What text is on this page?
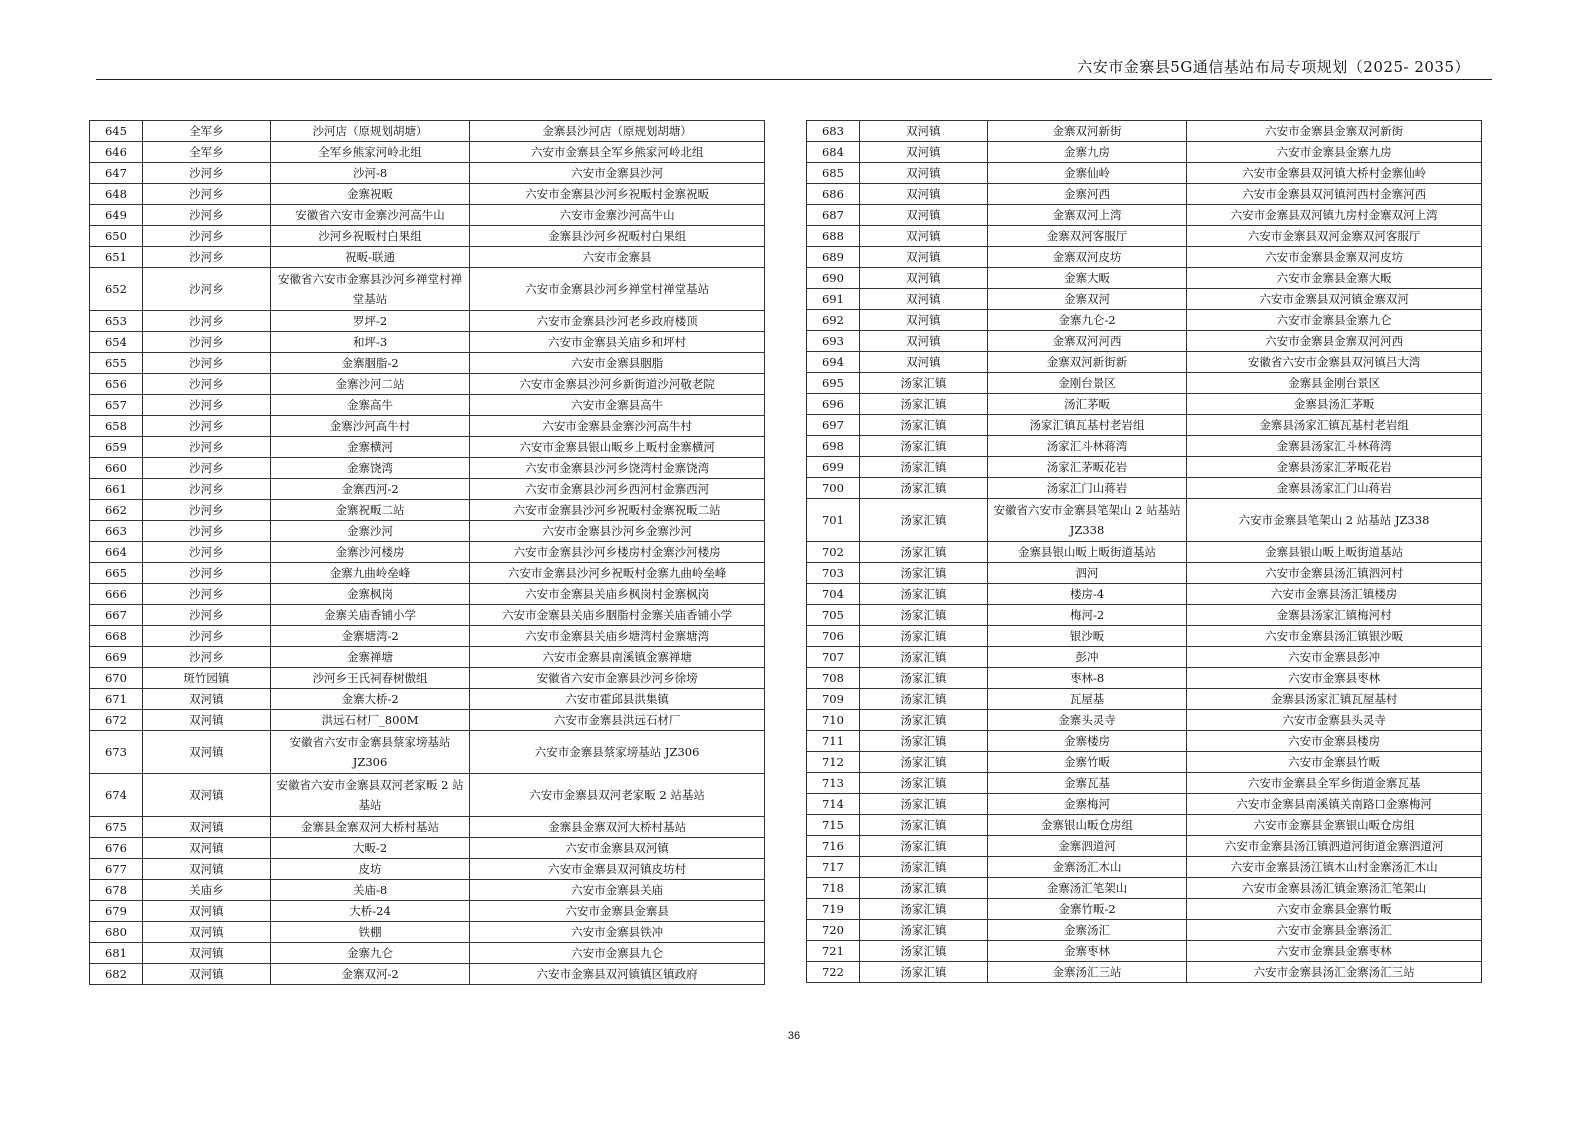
六安市金寨县5G通信基站布局专项规划（2025- 2035）
645	全军乡	沙河店（原规划胡塘）	金寨县沙河店（原规划胡塘）
646	全军乡	全军乡熊家河岭北组	六安市金寨县全军乡熊家河岭北组
647	沙河乡	沙河-8	六安市金寨县沙河
648	沙河乡	金寨祝畈	六安市金寨县沙河乡祝畈村金寨祝畈
649	沙河乡	安徽省六安市金寨沙河高牛山	六安市金寨沙河高牛山
650	沙河乡	沙河乡祝畈村白果组	金寨县沙河乡祝畈村白果组
651	沙河乡	祝畈-联通	六安市金寨县
652	沙河乡	安徽省六安市金寨县沙河乡禅堂村禅堂基站	六安市金寨县沙河乡禅堂村禅堂基站
653	沙河乡	罗坪-2	六安市金寨县沙河老乡政府楼顶
654	沙河乡	和坪-3	六安市金寨县关庙乡和坪村
655	沙河乡	金寨胭脂-2	六安市金寨县胭脂
656	沙河乡	金寨沙河二站	六安市金寨县沙河乡新街道沙河敬老院
657	沙河乡	金寨高牛	六安市金寨县高牛
658	沙河乡	金寨沙河高牛村	六安市金寨县金寨沙河高牛村
659	沙河乡	金寨横河	六安市金寨县银山畈乡上畈村金寨横河
660	沙河乡	金寨饶湾	六安市金寨县沙河乡饶湾村金寨饶湾
661	沙河乡	金寨西河-2	六安市金寨县沙河乡西河村金寨西河
662	沙河乡	金寨祝畈二站	六安市金寨县沙河乡祝畈村金寨祝畈二站
663	沙河乡	金寨沙河	六安市金寨县沙河乡金寨沙河
664	沙河乡	金寨沙河楼房	六安市金寨县沙河乡楼房村金寨沙河楼房
665	沙河乡	金寨九曲岭垒峰	六安市金寨县沙河乡祝畈村金寨九曲岭垒峰
666	沙河乡	金寨枫岗	六安市金寨县关庙乡枫岗村金寨枫岗
667	沙河乡	金寨关庙香铺小学	六安市金寨县关庙乡胭脂村金寨关庙香铺小学
668	沙河乡	金寨塘湾-2	六安市金寨县关庙乡塘湾村金寨塘湾
669	沙河乡	金寨禅塘	六安市金寨县南溪镇金寨禅塘
670	斑竹园镇	沙河乡王氏祠春树傲组	安徽省六安市金寨县沙河乡徐塝
671	双河镇	金寨大桥-2	六安市霍邱县洪集镇
672	双河镇	洪远石材厂_800M	六安市金寨县洪远石材厂
673	双河镇	安徽省六安市金寨县蔡家塝基站 JZ306	六安市金寨县蔡家塝基站 JZ306
674	双河镇	安徽省六安市金寨县双河老家畈 2 站基站	六安市金寨县双河老家畈 2 站基站
675	双河镇	金寨县金寨双河大桥村基站	金寨县金寨双河大桥村基站
676	双河镇	大畈-2	六安市金寨县双河镇
677	双河镇	皮坊	六安市金寨县双河镇皮坊村
678	关庙乡	关庙-8	六安市金寨县关庙
679	双河镇	大桥-24	六安市金寨县金寨县
680	双河镇	铁棚	六安市金寨县铁冲
681	双河镇	金寨九仑	六安市金寨县九仑
682	双河镇	金寨双河-2	六安市金寨县双河镇镇区镇政府
683	双河镇	金寨双河新街	六安市金寨县金寨双河新街
684	双河镇	金寨九房	六安市金寨县金寨九房
685	双河镇	金寨仙岭	六安市金寨县双河镇大桥村金寨仙岭
686	双河镇	金寨河西	六安市金寨县双河镇河西村金寨河西
687	双河镇	金寨双河上湾	六安市金寨县双河镇九房村金寨双河上湾
688	双河镇	金寨双河客服厅	六安市金寨县双河金寨双河客服厅
689	双河镇	金寨双河皮坊	六安市金寨县金寨双河皮坊
690	双河镇	金寨大畈	六安市金寨县金寨大畈
691	双河镇	金寨双河	六安市金寨县双河镇金寨双河
692	双河镇	金寨九仑-2	六安市金寨县金寨九仑
693	双河镇	金寨双河河西	六安市金寨县金寨双河河西
694	双河镇	金寨双河新街新	安徽省六安市金寨县双河镇吕大湾
695	汤家汇镇	金刚台景区	金寨县金刚台景区
696	汤家汇镇	汤汇茅畈	金寨县汤汇茅畈
697	汤家汇镇	汤家汇镇瓦基村老岩组	金寨县汤家汇镇瓦基村老岩组
698	汤家汇镇	汤家汇斗林蒋湾	金寨县汤家汇斗林蒋湾
699	汤家汇镇	汤家汇茅畈花岩	金寨县汤家汇茅畈花岩
700	汤家汇镇	汤家汇门山蒋岩	金寨县汤家汇门山蒋岩
701	汤家汇镇	安徽省六安市金寨县笔架山 2 站基站 JZ338	六安市金寨县笔架山 2 站基站 JZ338
702	汤家汇镇	金寨县银山畈上畈街道基站	金寨县银山畈上畈街道基站
703	汤家汇镇	泗河	六安市金寨县汤汇镇泗河村
704	汤家汇镇	楼房-4	六安市金寨县汤汇镇楼房
705	汤家汇镇	梅河-2	金寨县汤家汇镇梅河村
706	汤家汇镇	银沙畈	六安市金寨县汤汇镇银沙畈
707	汤家汇镇	彭冲	六安市金寨县彭冲
708	汤家汇镇	枣林-8	六安市金寨县枣林
709	汤家汇镇	瓦屋基	金寨县汤家汇镇瓦屋基村
710	汤家汇镇	金寨头灵寺	六安市金寨县头灵寺
711	汤家汇镇	金寨楼房	六安市金寨县楼房
712	汤家汇镇	金寨竹畈	六安市金寨县竹畈
713	汤家汇镇	金寨瓦基	六安市金寨县全军乡街道金寨瓦基
714	汤家汇镇	金寨梅河	六安市金寨县南溪镇关南路口金寨梅河
715	汤家汇镇	金寨银山畈仓房组	六安市金寨县金寨银山畈仓房组
716	汤家汇镇	金寨泗道河	六安市金寨县汤江镇泗道河街道金寨泗道河
717	汤家汇镇	金寨汤汇木山	六安市金寨县汤江镇木山村金寨汤汇木山
718	汤家汇镇	金寨汤汇笔架山	六安市金寨县汤汇镇金寨汤汇笔架山
719	汤家汇镇	金寨竹畈-2	六安市金寨县金寨竹畈
720	汤家汇镇	金寨汤汇	六安市金寨县金寨汤汇
721	汤家汇镇	金寨枣林	六安市金寨县金寨枣林
722	汤家汇镇	金寨汤汇三站	六安市金寨县汤汇金寨汤汇三站
36
